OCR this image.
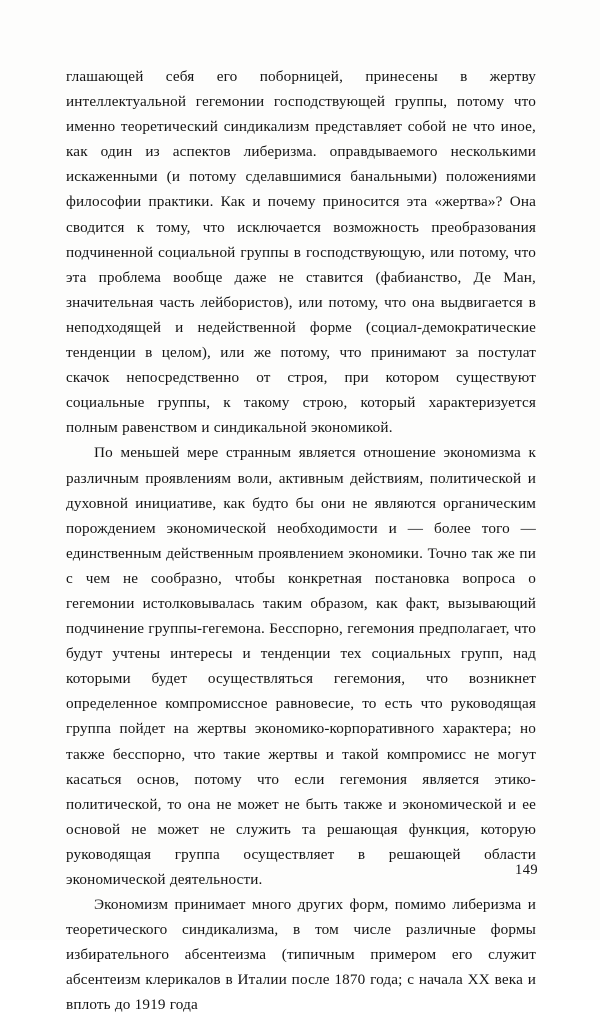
глашающей себя его поборницей, принесены в жертву интеллектуальной гегемонии господствующей группы, потому что именно теоретический синдикализм представляет собой не что иное, как один из аспектов либеризма. оправдываемого несколькими искаженными (и потому сделавшимися банальными) положениями философии практики. Как и почему приносится эта «жертва»? Она сводится к тому, что исключается возможность преобразования подчиненной социальной группы в господствующую, или потому, что эта проблема вообще даже не ставится (фабианство, Де Ман, значительная часть лейбористов), или потому, что она выдвигается в неподходящей и недейственной форме (социал-демократические тенденции в целом), или же потому, что принимают за постулат скачок непосредственно от строя, при котором существуют социальные группы, к такому строю, который характеризуется полным равенством и синдикальной экономикой.

По меньшей мере странным является отношение экономизма к различным проявлениям воли, активным действиям, политической и духовной инициативе, как будто бы они не являются органическим порождением экономической необходимости и — более того — единственным действенным проявлением экономики. Точно так же пи с чем не сообразно, чтобы конкретная постановка вопроса о гегемонии истолковывалась таким образом, как факт, вызывающий подчинение группы-гегемона. Бесспорно, гегемония предполагает, что будут учтены интересы и тенденции тех социальных групп, над которыми будет осуществляться гегемония, что возникнет определенное компромиссное равновесие, то есть что руководящая группа пойдет на жертвы экономико-корпоративного характера; но также бесспорно, что такие жертвы и такой компромисс не могут касаться основ, потому что если гегемония является этико-политической, то она не может не быть также и экономической и ее основой не может не служить та решающая функция, которую руководящая группа осуществляет в решающей области экономической деятельности.

Экономизм принимает много других форм, помимо либеризма и теоретического синдикализма, в том числе различные формы избирательного абсентеизма (типичным примером его служит абсентеизм клерикалов в Италии после 1870 года; с начала XX века и вплоть до 1919 года

149
